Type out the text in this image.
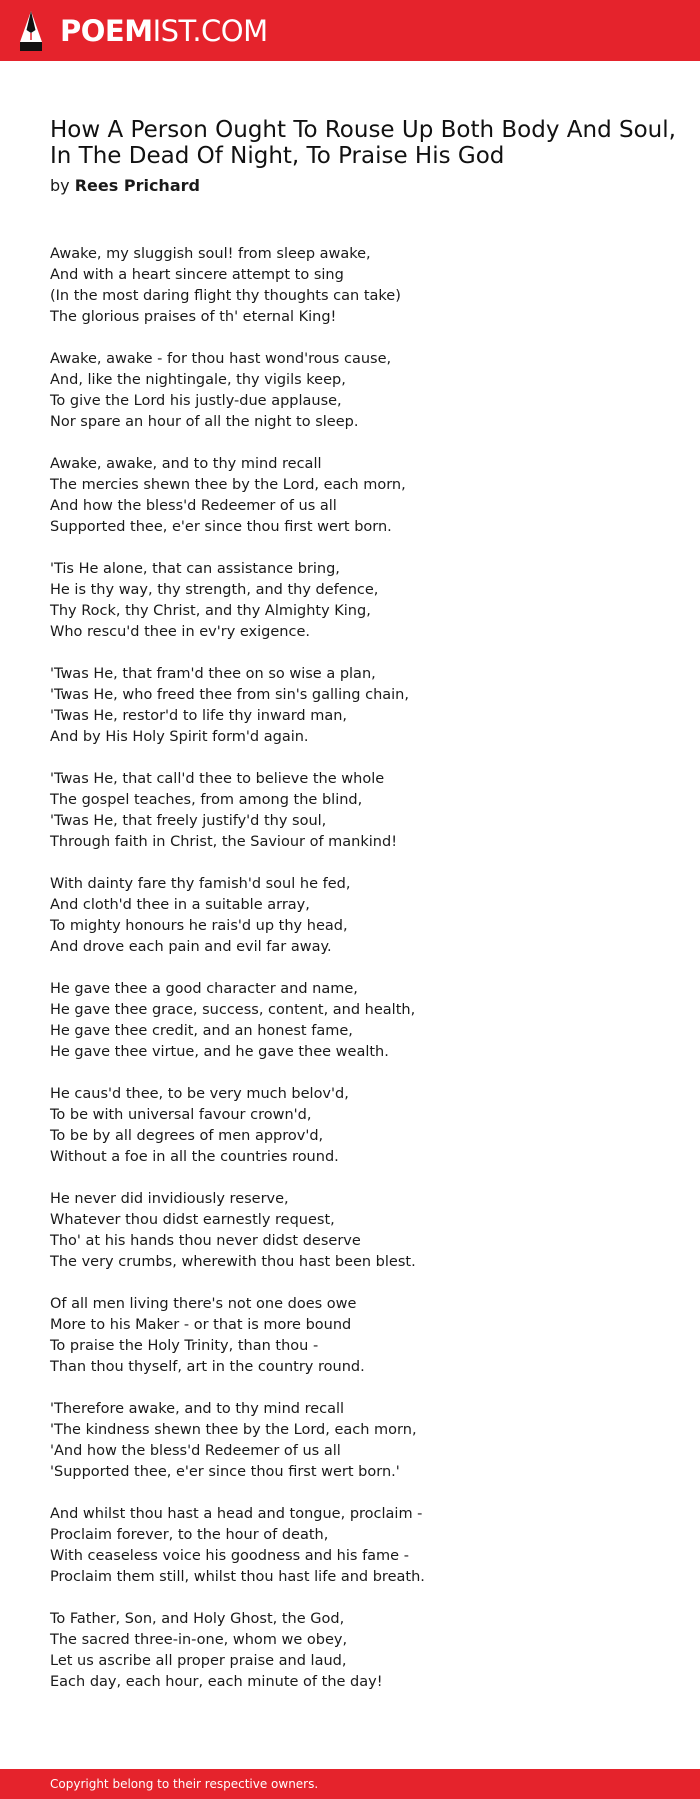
POEMIST.COM
How A Person Ought To Rouse Up Both Body And Soul,
In The Dead Of Night, To Praise His God
by Rees Prichard
Awake, my sluggish soul! from sleep awake,
And with a heart sincere attempt to sing
(In the most daring flight thy thoughts can take)
The glorious praises of th' eternal King!
Awake, awake - for thou hast wond'rous cause,
And, like the nightingale, thy vigils keep,
To give the Lord his justly-due applause,
Nor spare an hour of all the night to sleep.
Awake, awake, and to thy mind recall
The mercies shewn thee by the Lord, each morn,
And how the bless'd Redeemer of us all
Supported thee, e'er since thou first wert born.
'Tis He alone, that can assistance bring,
He is thy way, thy strength, and thy defence,
Thy Rock, thy Christ, and thy Almighty King,
Who rescu'd thee in ev'ry exigence.
'Twas He, that fram'd thee on so wise a plan,
'Twas He, who freed thee from sin's galling chain,
'Twas He, restor'd to life thy inward man,
And by His Holy Spirit form'd again.
'Twas He, that call'd thee to believe the whole
The gospel teaches, from among the blind,
'Twas He, that freely justify'd thy soul,
Through faith in Christ, the Saviour of mankind!
With dainty fare thy famish'd soul he fed,
And cloth'd thee in a suitable array,
To mighty honours he rais'd up thy head,
And drove each pain and evil far away.
He gave thee a good character and name,
He gave thee grace, success, content, and health,
He gave thee credit, and an honest fame,
He gave thee virtue, and he gave thee wealth.
He caus'd thee, to be very much belov'd,
To be with universal favour crown'd,
To be by all degrees of men approv'd,
Without a foe in all the countries round.
He never did invidiously reserve,
Whatever thou didst earnestly request,
Tho' at his hands thou never didst deserve
The very crumbs, wherewith thou hast been blest.
Of all men living there's not one does owe
More to his Maker - or that is more bound
To praise the Holy Trinity, than thou -
Than thou thyself, art in the country round.
'Therefore awake, and to thy mind recall
'The kindness shewn thee by the Lord, each morn,
'And how the bless'd Redeemer of us all
'Supported thee, e'er since thou first wert born.'
And whilst thou hast a head and tongue, proclaim -
Proclaim forever, to the hour of death,
With ceaseless voice his goodness and his fame -
Proclaim them still, whilst thou hast life and breath.
To Father, Son, and Holy Ghost, the God,
The sacred three-in-one, whom we obey,
Let us ascribe all proper praise and laud,
Each day, each hour, each minute of the day!
Copyright belong to their respective owners.
